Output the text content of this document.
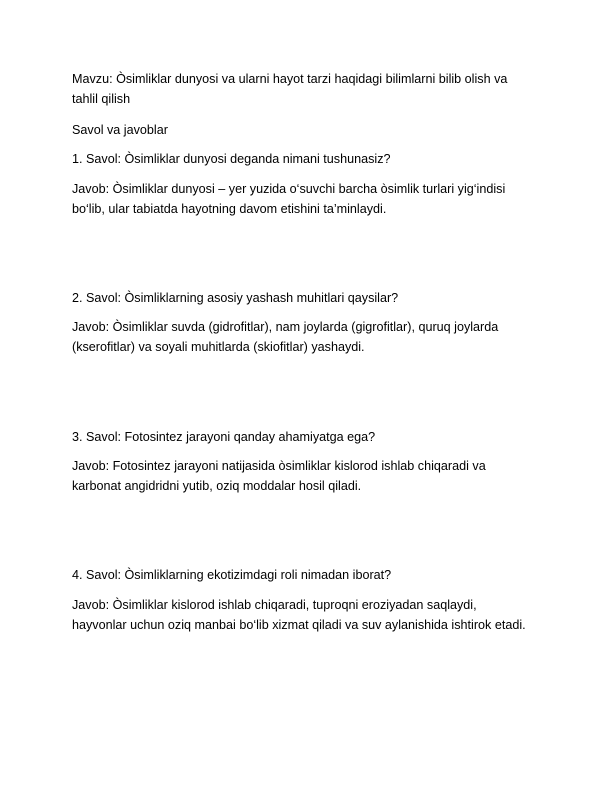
Mavzu: Òsimliklar dunyosi va ularni hayot tarzi haqidagi bilimlarni bilib olish va
tahlil qilish

Savol va javoblar

1. Savol: Òsimliklar dunyosi deganda nimani tushunasiz?

Javob: Òsimliklar dunyosi – yer yuzida o‘suvchi barcha òsimlik turlari yig‘indisi
bo‘lib, ular tabiatda hayotning davom etishini ta’minlaydi.

2. Savol: Òsimliklarning asosiy yashash muhitlari qaysilar?

Javob: Òsimliklar suvda (gidrofitlar), nam joylarda (gigrofitlar), quruq joylarda
(kserofitlar) va soyali muhitlarda (skiofitlar) yashaydi.

3. Savol: Fotosintez jarayoni qanday ahamiyatga ega?

Javob: Fotosintez jarayoni natijasida òsimliklar kislorod ishlab chiqaradi va
karbonat angidridni yutib, oziq moddalar hosil qiladi.

4. Savol: Òsimliklarning ekotizimdagi roli nimadan iborat?

Javob: Òsimliklar kislorod ishlab chiqaradi, tuproqni eroziyadan saqlaydi,
hayvonlar uchun oziq manbai bo‘lib xizmat qiladi va suv aylanishida ishtirok etadi.
